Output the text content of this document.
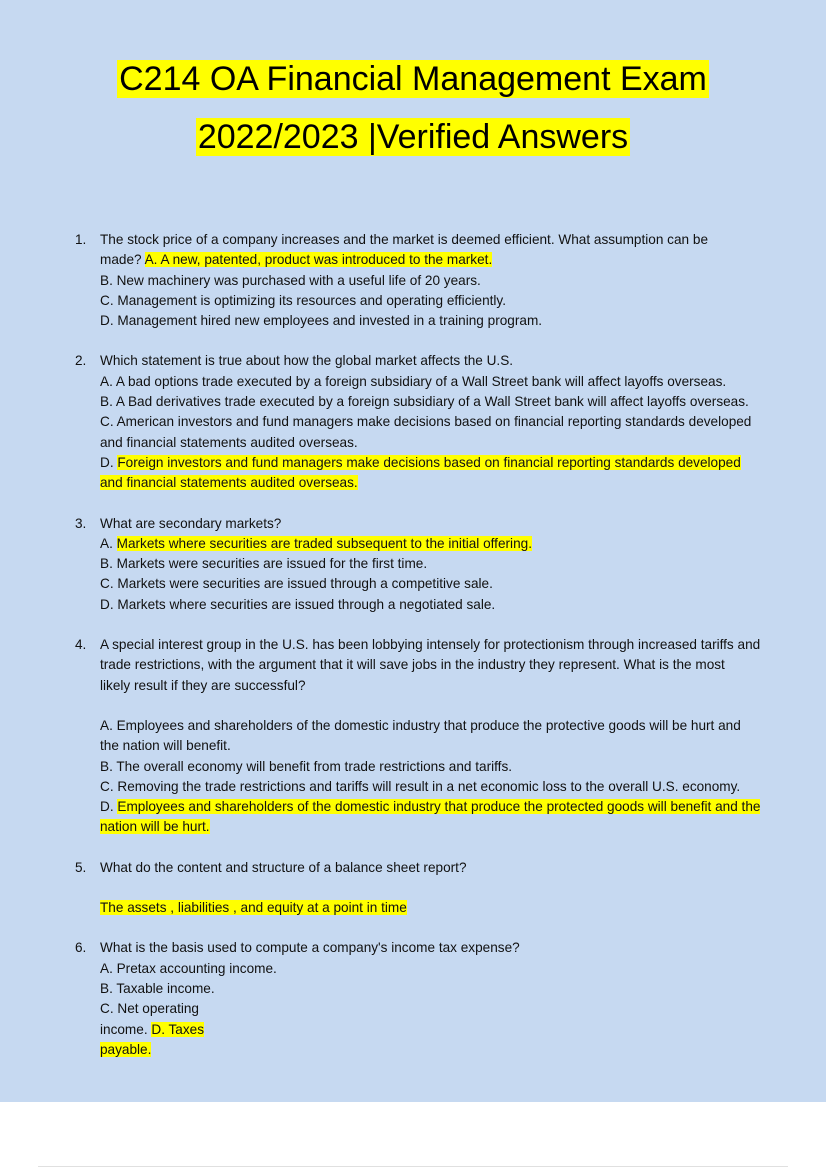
C214 OA Financial Management Exam
2022/2023 |Verified Answers
1. The stock price of a company increases and the market is deemed efficient. What assumption can be

made? A. A new, patented, product was introduced to the market.

B. New machinery was purchased with a useful life of 20 years.

C. Management is optimizing its resources and operating efficiently.

D. Management hired new employees and invested in a training program.

2. Which statement is true about how the global market affects the U.S.

A. A bad options trade executed by a foreign subsidiary of a Wall Street bank will affect layoffs overseas.

B. A Bad derivatives trade executed by a foreign subsidiary of a Wall Street bank will affect layoffs overseas.

C. American investors and fund managers make decisions based on financial reporting standards developed

and financial statements audited overseas.

D. Foreign investors and fund managers make decisions based on financial reporting standards developed

and financial statements audited overseas.

3. What are secondary markets?

A. Markets where securities are traded subsequent to the initial offering.

B. Markets were securities are issued for the first time.

C. Markets were securities are issued through a competitive sale.

D. Markets where securities are issued through a negotiated sale.

4. A special interest group in the U.S. has been lobbying intensely for protectionism through increased tariffs and

trade restrictions, with the argument that it will save jobs in the industry they represent. What is the most

likely result if they are successful?

A. Employees and shareholders of the domestic industry that produce the protective goods will be hurt and

the nation will benefit.

B. The overall economy will benefit from trade restrictions and tariffs.

C. Removing the trade restrictions and tariffs will result in a net economic loss to the overall U.S. economy.

D. Employees and shareholders of the domestic industry that produce the protected goods will benefit and the

nation will be hurt.

5. What do the content and structure of a balance sheet report?

The assets , liabilities , and equity at a point in time

6. What is the basis used to compute a company's income tax expense?

A. Pretax accounting income.

B. Taxable income.

C. Net operating

income. D. Taxes

payable.
